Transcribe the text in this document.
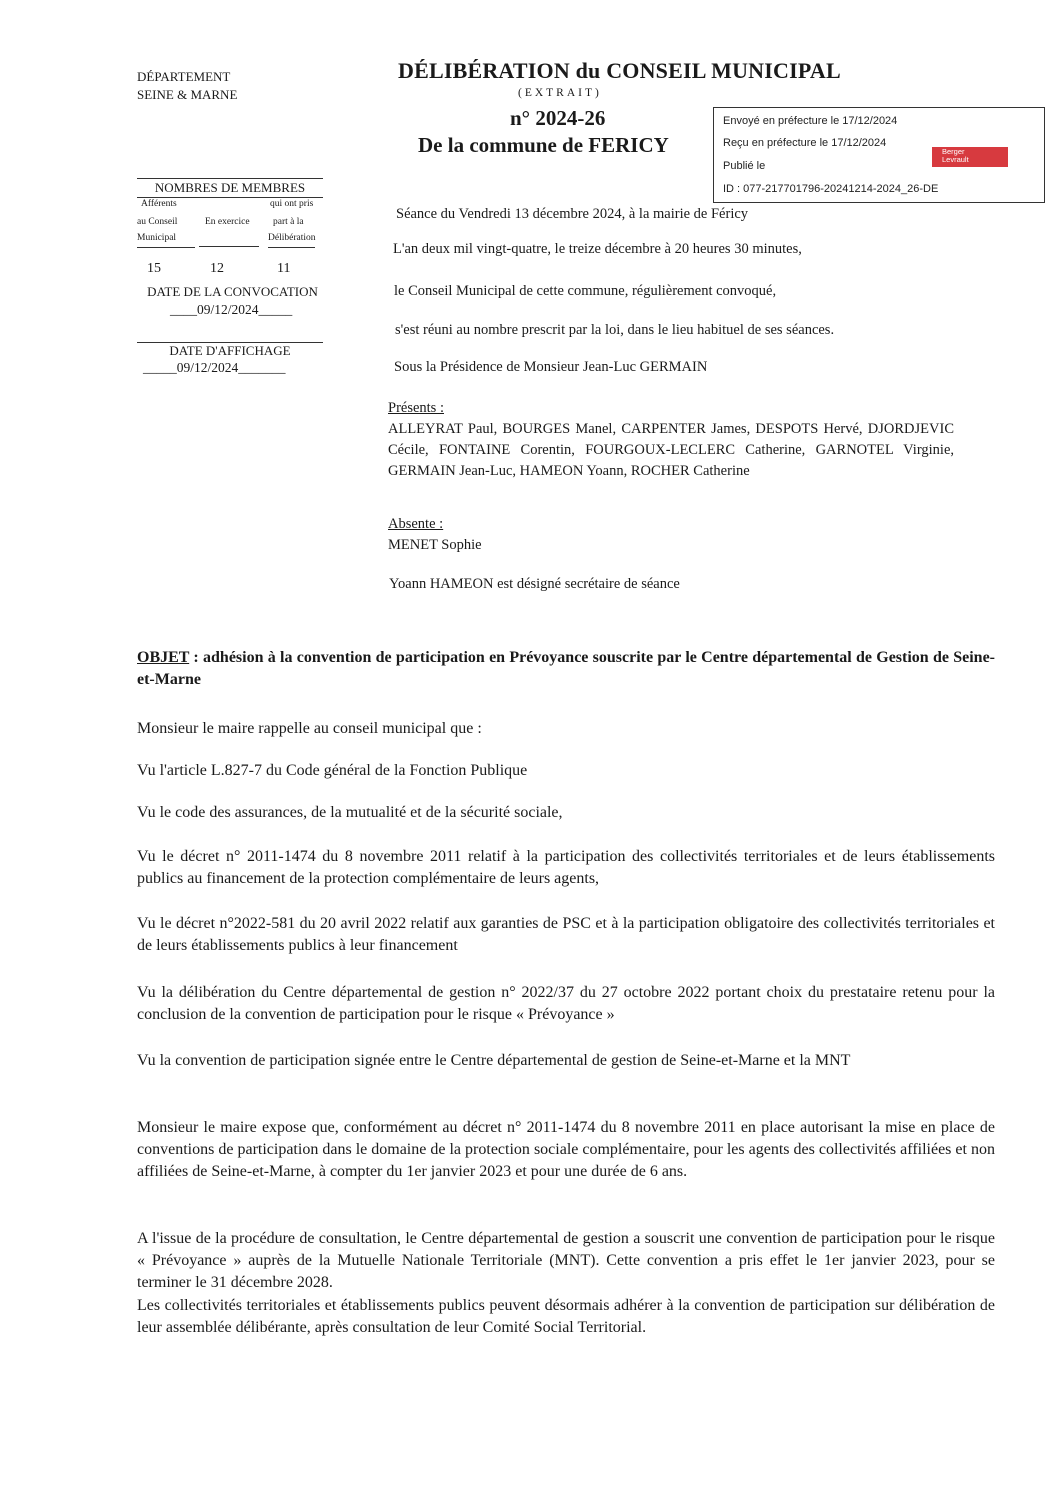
DÉPARTEMENT
SEINE & MARNE
DÉLIBÉRATION du CONSEIL MUNICIPAL
(EXTRAIT)
n° 2024-26
De la commune de FERICY
Envoyé en préfecture le 17/12/2024
Reçu en préfecture le 17/12/2024
Publié le
ID : 077-217701796-20241214-2024_26-DE
Berger
Levrault
NOMBRES DE MEMBRES
Afférents
au Conseil
Municipal
En exercice
qui ont pris
part à la
Délibération
15	12	11
DATE DE LA CONVOCATION
____09/12/2024_____
DATE D'AFFICHAGE
_____09/12/2024_______
Séance du Vendredi 13 décembre 2024, à la mairie de Féricy
L'an deux mil vingt-quatre, le treize décembre à 20 heures 30 minutes,
le Conseil Municipal de cette commune, régulièrement convoqué,
s'est réuni au nombre prescrit par la loi, dans le lieu habituel de ses séances.
Sous la Présidence de Monsieur Jean-Luc GERMAIN
Présents :
ALLEYRAT Paul, BOURGES Manel, CARPENTER James, DESPOTS Hervé, DJORDJEVIC Cécile, FONTAINE Corentin, FOURGOUX-LECLERC Catherine, GARNOTEL Virginie, GERMAIN Jean-Luc, HAMEON Yoann, ROCHER Catherine
Absente :
MENET Sophie
Yoann HAMEON est désigné secrétaire de séance
OBJET : adhésion à la convention de participation en Prévoyance souscrite par le Centre départemental de Gestion de Seine-et-Marne
Monsieur le maire rappelle au conseil municipal que :
Vu l'article L.827-7 du Code général de la Fonction Publique
Vu le code des assurances, de la mutualité et de la sécurité sociale,
Vu le décret n° 2011-1474 du 8 novembre 2011 relatif à la participation des collectivités territoriales et de leurs établissements publics au financement de la protection complémentaire de leurs agents,
Vu le décret n°2022-581 du 20 avril 2022 relatif aux garanties de PSC et à la participation obligatoire des collectivités territoriales et de leurs établissements publics à leur financement
Vu la délibération du Centre départemental de gestion n° 2022/37 du 27 octobre 2022 portant choix du prestataire retenu pour la conclusion de la convention de participation pour le risque « Prévoyance »
Vu la convention de participation signée entre le Centre départemental de gestion de Seine-et-Marne et la MNT
Monsieur le maire expose que, conformément au décret n° 2011-1474 du 8 novembre 2011 en place autorisant la mise en place de conventions de participation dans le domaine de la protection sociale complémentaire, pour les agents des collectivités affiliées et non affiliées de Seine-et-Marne, à compter du 1er janvier 2023 et pour une durée de 6 ans.
A l'issue de la procédure de consultation, le Centre départemental de gestion a souscrit une convention de participation pour le risque « Prévoyance » auprès de la Mutuelle Nationale Territoriale (MNT). Cette convention a pris effet le 1er janvier 2023, pour se terminer le 31 décembre 2028.
Les collectivités territoriales et établissements publics peuvent désormais adhérer à la convention de participation sur délibération de leur assemblée délibérante, après consultation de leur Comité Social Territorial.
